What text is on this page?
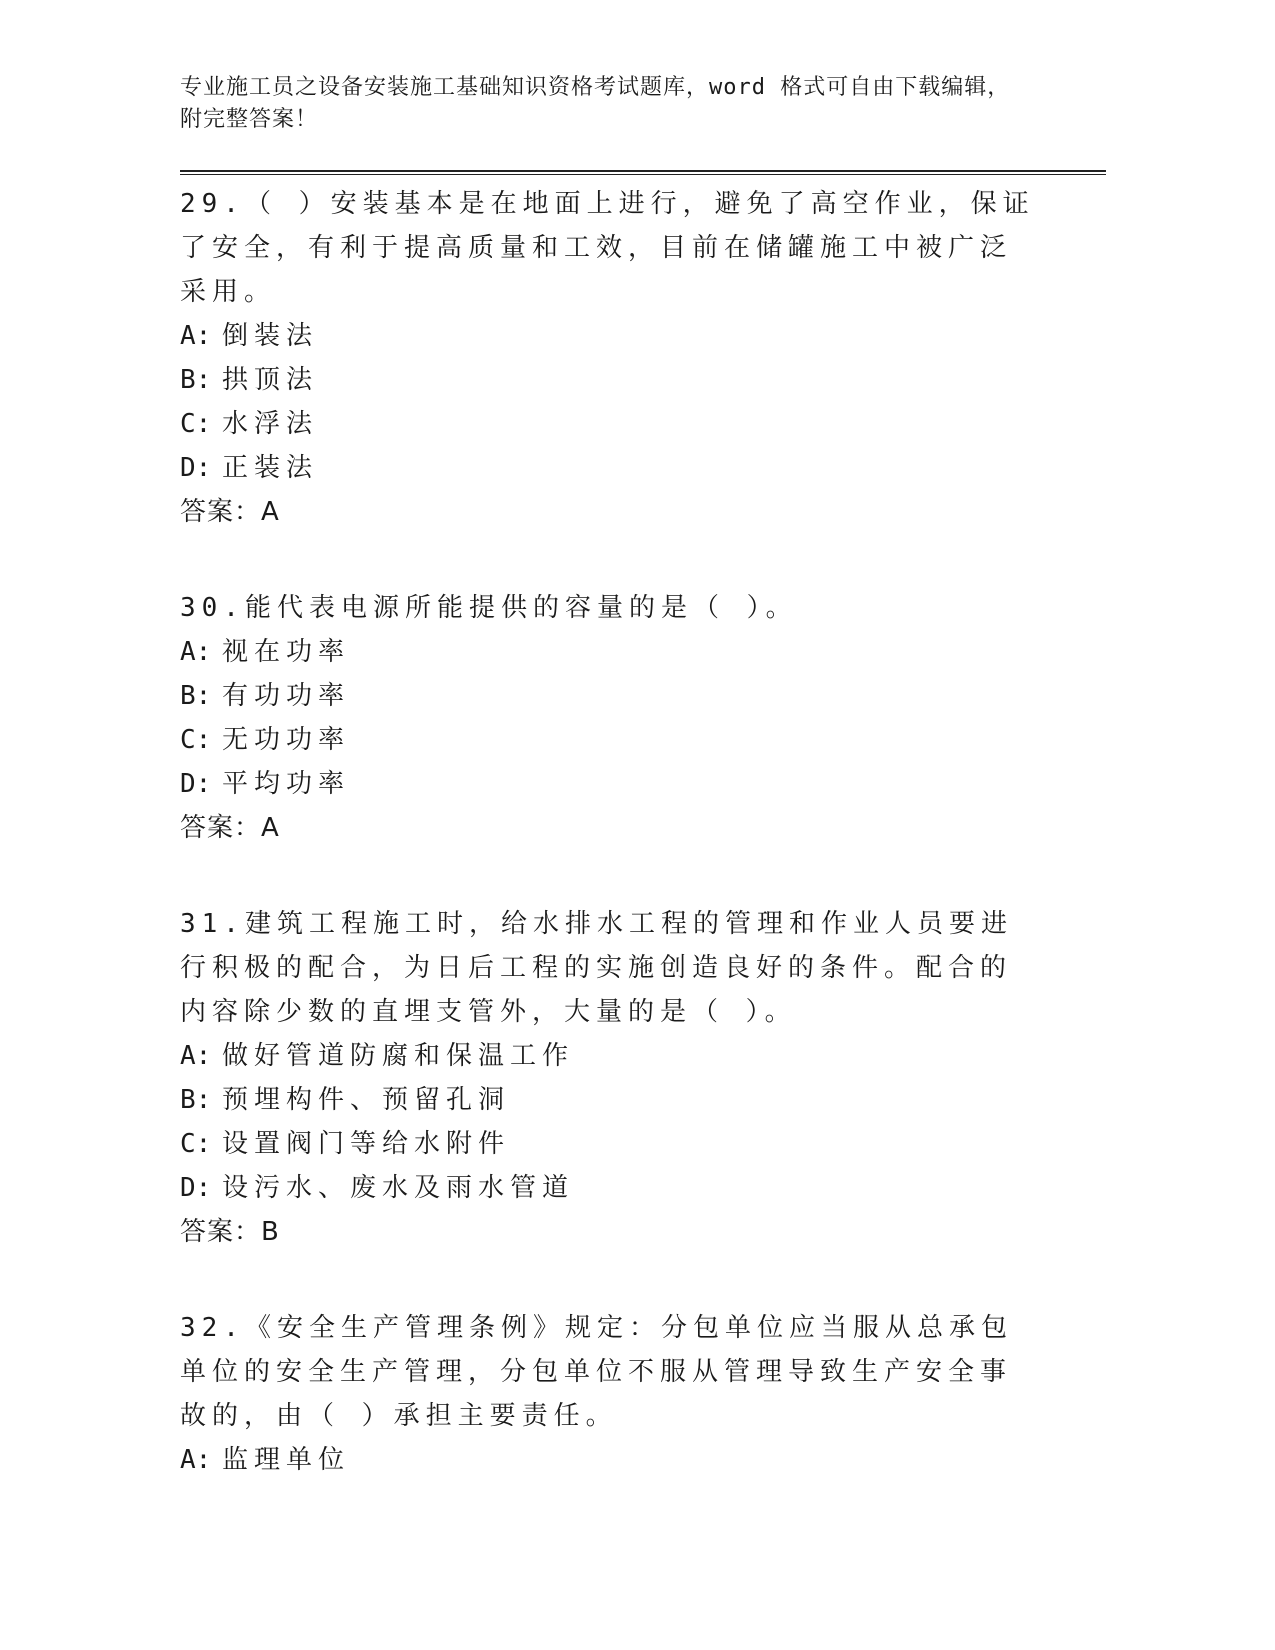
专业施工员之设备安装施工基础知识资格考试题库，word 格式可自由下载编辑，
附完整答案！

29.（ ）安装基本是在地面上进行，避免了高空作业，保证了安全，有利于提高质量和工效，目前在储罐施工中被广泛采用。

A: 倒装法

B: 拱顶法

C: 水浮法

D: 正装法

答案：A

30.能代表电源所能提供的容量的是（ ）。

A: 视在功率

B: 有功功率

C: 无功功率

D: 平均功率

答案：A

31.建筑工程施工时，给水排水工程的管理和作业人员要进行积极的配合，为日后工程的实施创造良好的条件。配合的内容除少数的直埋支管外，大量的是（ ）。

A: 做好管道防腐和保温工作

B: 预埋构件、预留孔洞

C: 设置阀门等给水附件

D: 设污水、废水及雨水管道

答案：B

32.《安全生产管理条例》规定：分包单位应当服从总承包单位的安全生产管理，分包单位不服从管理导致生产安全事故的，由（ ）承担主要责任。

A: 监理单位
